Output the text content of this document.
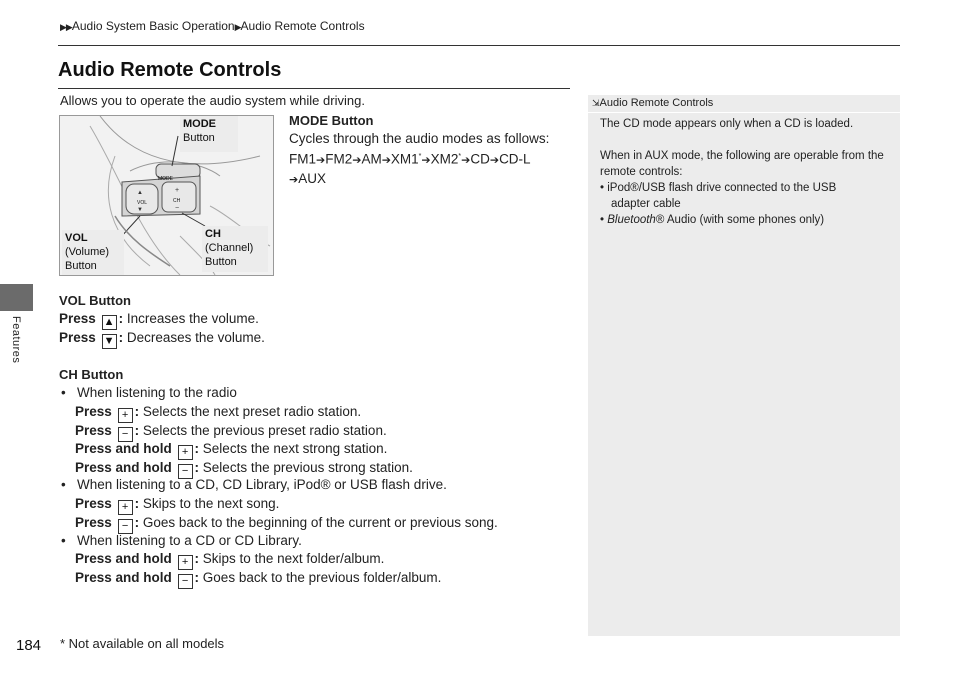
▶▶Audio System Basic Operation▶Audio Remote Controls
Audio Remote Controls
Allows you to operate the audio system while driving.
▲
▼
+
−
MODE
VOL	CH
MODE
Button
VOL
(Volume)
Button
CH
(Channel)
Button
MODE Button
Cycles through the audio modes as follows:
FM1➔FM2➔AM➔XM1*➔XM2*➔CD➔CD-L
➔AUX
VOL Button
Press ▲ : Increases the volume.
Press ▼ : Decreases the volume.
CH Button
•   When listening to the radio
Press + : Selects the next preset radio station.
Press − : Selects the previous preset radio station.
Press and hold + : Selects the next strong station.
Press and hold − : Selects the previous strong station.
•   When listening to a CD, CD Library, iPod® or USB flash drive.
Press + : Skips to the next song.
Press − : Goes back to the beginning of the current or previous song.
•   When listening to a CD or CD Library.
Press and hold + : Skips to the next folder/album.
Press and hold − : Goes back to the previous folder/album.
⇲Audio Remote Controls
The CD mode appears only when a CD is loaded.
When in AUX mode, the following are operable from the remote controls:
• iPod®/USB flash drive connected to the USB adapter cable
• Bluetooth® Audio (with some phones only)
Features
184 * Not available on all models
